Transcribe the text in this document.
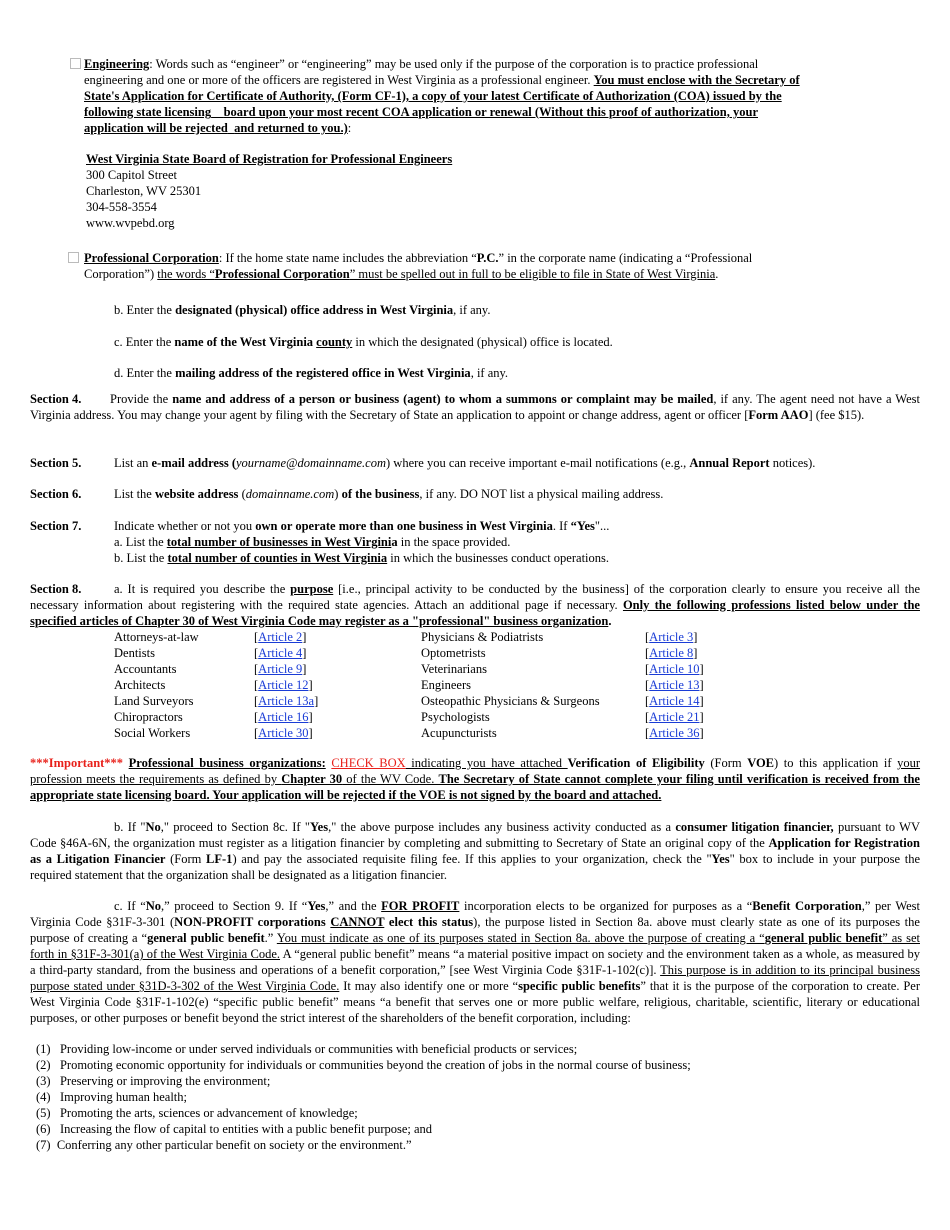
Engineering: Words such as “engineer” or “engineering” may be used only if the purpose of the corporation is to practice professional engineering and one or more of the officers are registered in West Virginia as a professional engineer. You must enclose with the Secretary of State's Application for Certificate of Authority, (Form CF-1), a copy of your latest Certificate of Authorization (COA) issued by the following state licensing board upon your most recent COA application or renewal (Without this proof of authorization, your application will be rejected and returned to you.):
West Virginia State Board of Registration for Professional Engineers
300 Capitol Street
Charleston, WV 25301
304-558-3554
www.wvpebd.org
Professional Corporation: If the home state name includes the abbreviation “P.C.” in the corporate name (indicating a “Professional Corporation”) the words “Professional Corporation” must be spelled out in full to be eligible to file in State of West Virginia.
b. Enter the designated (physical) office address in West Virginia, if any.
c. Enter the name of the West Virginia county in which the designated (physical) office is located.
d. Enter the mailing address of the registered office in West Virginia, if any.
Section 4. Provide the name and address of a person or business (agent) to whom a summons or complaint may be mailed, if any. The agent need not have a West Virginia address. You may change your agent by filing with the Secretary of State an application to appoint or change address, agent or officer [Form AAO] (fee $15).
Section 5.	List an e-mail address (yourname@domainname.com) where you can receive important e-mail notifications (e.g., Annual Report notices).
Section 6.	List the website address (domainname.com) of the business, if any. DO NOT list a physical mailing address.
Section 7.	Indicate whether or not you own or operate more than one business in West Virginia. If “Yes"...
a. List the total number of businesses in West Virginia in the space provided.
b. List the total number of counties in West Virginia in which the businesses conduct operations.
Section 8.	a. It is required you describe the purpose [i.e., principal activity to be conducted by the business] of the corporation clearly to ensure you receive all the necessary information about registering with the required state agencies. Attach an additional page if necessary. Only the following professions listed below under the specified articles of Chapter 30 of West Virginia Code may register as a "professional" business organization.
Attorneys-at-law	[Article 2]	Physicians & Podiatrists	[Article 3]
Dentists	[Article 4]	Optometrists	[Article 8]
Accountants	[Article 9]	Veterinarians	[Article 10]
Architects	[Article 12]	Engineers	[Article 13]
Land Surveyors	[Article 13a]	Osteopathic Physicians & Surgeons	[Article 14]
Chiropractors	[Article 16]	Psychologists	[Article 21]
Social Workers	[Article 30]	Acupuncturists	[Article 36]
***Important*** Professional business organizations: CHECK BOX indicating you have attached Verification of Eligibility (Form VOE) to this application if your profession meets the requirements as defined by Chapter 30 of the WV Code. The Secretary of State cannot complete your filing until verification is received from the appropriate state licensing board. Your application will be rejected if the VOE is not signed by the board and attached.
b. If "No," proceed to Section 8c. If "Yes," the above purpose includes any business activity conducted as a consumer litigation financier, pursuant to WV Code §46A-6N, the organization must register as a litigation financier by completing and submitting to Secretary of State an original copy of the Application for Registration as a Litigation Financier (Form LF-1) and pay the associated requisite filing fee. If this applies to your organization, check the "Yes" box to include in your purpose the required statement that the organization shall be designated as a litigation financier.
c. If “No,” proceed to Section 9. If “Yes,” and the FOR PROFIT incorporation elects to be organized for purposes as a “Benefit Corporation,” per West Virginia Code §31F-3-301 (NON-PROFIT corporations CANNOT elect this status), the purpose listed in Section 8a. above must clearly state as one of its purposes the purpose of creating a “general public benefit.” You must indicate as one of its purposes stated in Section 8a. above the purpose of creating a “general public benefit” as set forth in §31F-3-301(a) of the West Virginia Code. A “general public benefit” means “a material positive impact on society and the environment taken as a whole, as measured by a third-party standard, from the business and operations of a benefit corporation,” [see West Virginia Code §31F-1-102(c)]. This purpose is in addition to its principal business purpose stated under §31D-3-302 of the West Virginia Code. It may also identify one or more “specific public benefits” that it is the purpose of the corporation to create. Per West Virginia Code §31F-1-102(e) “specific public benefit” means “a benefit that serves one or more public welfare, religious, charitable, scientific, literary or educational purposes, or other purposes or benefit beyond the strict interest of the shareholders of the benefit corporation, including:
(1)   Providing low-income or under served individuals or communities with beneficial products or services;
(2)   Promoting economic opportunity for individuals or communities beyond the creation of jobs in the normal course of business;
(3)   Preserving or improving the environment;
(4)   Improving human health;
(5)   Promoting the arts, sciences or advancement of knowledge;
(6)   Increasing the flow of capital to entities with a public benefit purpose; and
(7)  Conferring any other particular benefit on society or the environment.”
